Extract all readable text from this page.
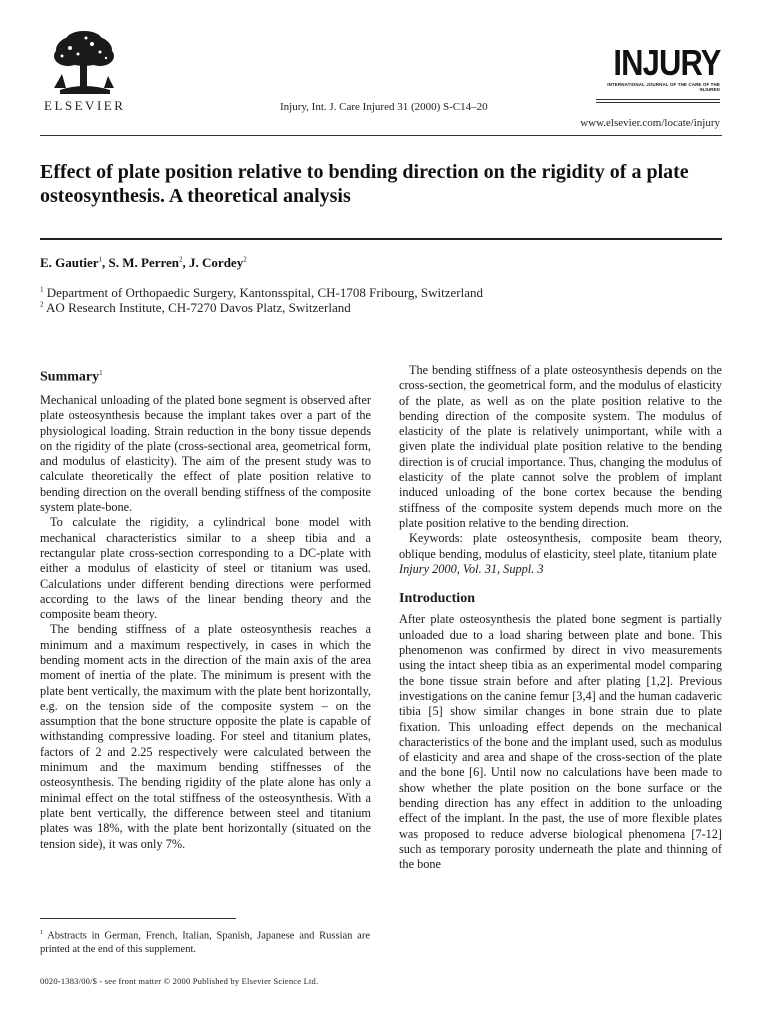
ELSEVIER	Injury, Int. J. Care Injured 31 (2000) S-C14–20
INJURY
INTERNATIONAL JOURNAL OF THE CARE OF THE INJURED
www.elsevier.com/locate/injury
Effect of plate position relative to bending direction on the rigidity of a plate osteosynthesis. A theoretical analysis
E. Gautier$^1$, S. M. Perren$^2$, J. Cordey$^2$
$^1$ Department of Orthopaedic Surgery, Kantonsspital, CH-1708 Fribourg, Switzerland
$^2$ AO Research Institute, CH-7270 Davos Platz, Switzerland
Summary$^1$

Mechanical unloading of the plated bone segment is observed after plate osteosynthesis because the implant takes over a part of the physiological loading. Strain reduction in the bony tissue depends on the rigidity of the plate (cross-sectional area, geometrical form, and modulus of elasticity). The aim of the present study was to calculate theoretically the effect of plate position relative to bending direction on the overall bending stiffness of the composite system plate-bone.

To calculate the rigidity, a cylindrical bone model with mechanical characteristics similar to a sheep tibia and a rectangular plate cross-section corresponding to a DC-plate with either a modulus of elasticity of steel or titanium was used. Calculations under different bending directions were performed according to the laws of the linear bending theory and the composite beam theory.

The bending stiffness of a plate osteosynthesis reaches a minimum and a maximum respectively, in cases in which the bending moment acts in the direction of the main axis of the area moment of inertia of the plate. The minimum is present with the plate bent vertically, the maximum with the plate bent horizontally, e.g. on the tension side of the composite system – on the assumption that the bone structure opposite the plate is capable of withstanding compressive loading. For steel and titanium plates, factors of 2 and 2.25 respectively were calculated between the minimum and the maximum bending stiffnesses of the osteosynthesis. The bending rigidity of the plate alone has only a minimal effect on the total stiffness of the osteosynthesis. With a plate bent vertically, the difference between steel and titanium plates was 18%, with the plate bent horizontally (situated on the tension side), it was only 7%.

The bending stiffness of a plate osteosynthesis depends on the cross-section, the geometrical form, and the modulus of elasticity of the plate, as well as on the plate position relative to the bending direction of the composite system. The modulus of elasticity of the plate is relatively unimportant, while with a given plate the individual plate position relative to the bending direction is of crucial importance. Thus, changing the modulus of elasticity of the plate cannot solve the problem of implant induced unloading of the bone cortex because the bending stiffness of the composite system depends much more on the plate position relative to the bending direction.

Keywords: plate osteosynthesis, composite beam theory, oblique bending, modulus of elasticity, steel plate, titanium plate

Injury 2000, Vol. 31, Suppl. 3

Introduction

After plate osteosynthesis the plated bone segment is partially unloaded due to a load sharing between plate and bone. This phenomenon was confirmed by direct in vivo measurements using the intact sheep tibia as an experimental model comparing the bone tissue strain before and after plating [1,2]. Previous investigations on the canine femur [3,4] and the human cadaveric tibia [5] show similar changes in bone strain due to plate fixation. This unloading effect depends on the mechanical characteristics of the bone and the implant used, such as modulus of elasticity and area and shape of the cross-section of the plate and the bone [6]. Until now no calculations have been made to show whether the plate position on the bone surface or the bending direction has any effect in addition to the unloading effect of the implant. In the past, the use of more flexible plates was proposed to reduce adverse biological phenomena [7-12] such as temporary porosity underneath the plate and thinning of the bone

$^1$ Abstracts in German, French, Italian, Spanish, Japanese and Russian are printed at the end of this supplement.
0020-1383/00/$ - see front matter © 2000 Published by Elsevier Science Ltd.
